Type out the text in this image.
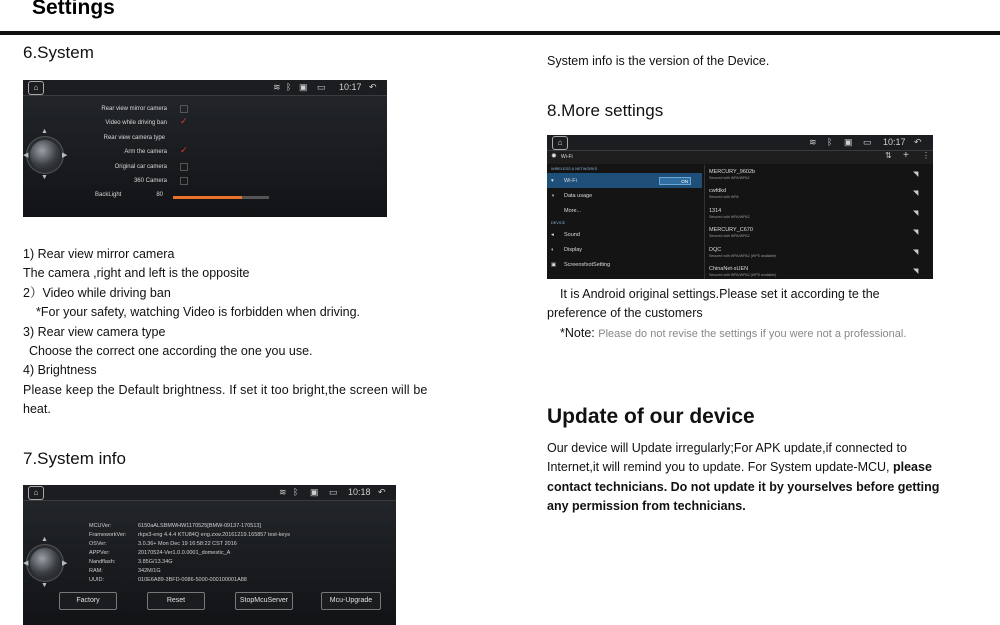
Settings
6.System
⌂	≋ ᛒ ▣ ▭ 10:17 ↶
▲
▼
◀	▶
Rear view mirror camera
Video while driving ban ✓
Rear view camera type
Arm the camera ✓
Original car camera
360 Camera
BackLight	80
1) Rear view mirror camera
The camera ,right and left is the opposite
2）Video while driving ban
*For your safety, watching Video is forbidden when driving.
3) Rear view camera type
Choose the correct one according the one you use.
4) Brightness
Please keep the Default brightness. If set it too bright,the screen will be
heat.
7.System info
⌂	≋ ᛒ ▣ ▭ 10:18 ↶
▲
▼
◀	▶
MCUVer:	6150aALSBMWHW1170525[BMW-09137-170513]
FrameworkVer: rkpx3-eng 4.4.4 KTU84Q eng.zxw.20161219.165857 test-keys
OSVer:	3.0.36+ Mon Dec 19 16:58:22 CST 2016
APPVer:	20170524-Ver1.0.0.0001_domestic_A
Nandflash:	3.85G/13.34G
RAM:	342M/1G
UUID:	010E6A89-3BFD-0086-5000-000100001A88
Factory	Reset	StopMcuServer	Mcu-Upgrade
System info is the version of the Device.
8.More settings
⌂	≋ ᛒ ▣ ▭ 10:17 ↶
✹ Wi-Fi	⇅ + ⋮
WIRELESS & NETWORKS
▾ Wi-Fi	ON
◑ Data usage
More...
DEVICE
◂ Sound
◐ Display
▣ ScreensfxotSetting
MERCURY_9602b
Secured with WPA/WPA2	◥
cwfdkd
Secured with WPA	◥
1314
Secured with WPA/WPA2	◥
MERCURY_C670
Secured with WPA/WPA2	◥
DQC
Secured with WPA/WPA2 (WPS available)	◥
ChinaNet-sUEN
Secured with WPA/WPA2 (WPS available)	◥
It is Android original settings.Please set it according te the
preference of the customers
*Note: Please do not revise the settings if you were not a professional.
Update of our device
Our device will Update irregularly;For APK update,if connected to
Internet,it will remind you to update. For System update-MCU, please
contact technicians. Do not update it by yourselves before getting
any permission from technicians.
